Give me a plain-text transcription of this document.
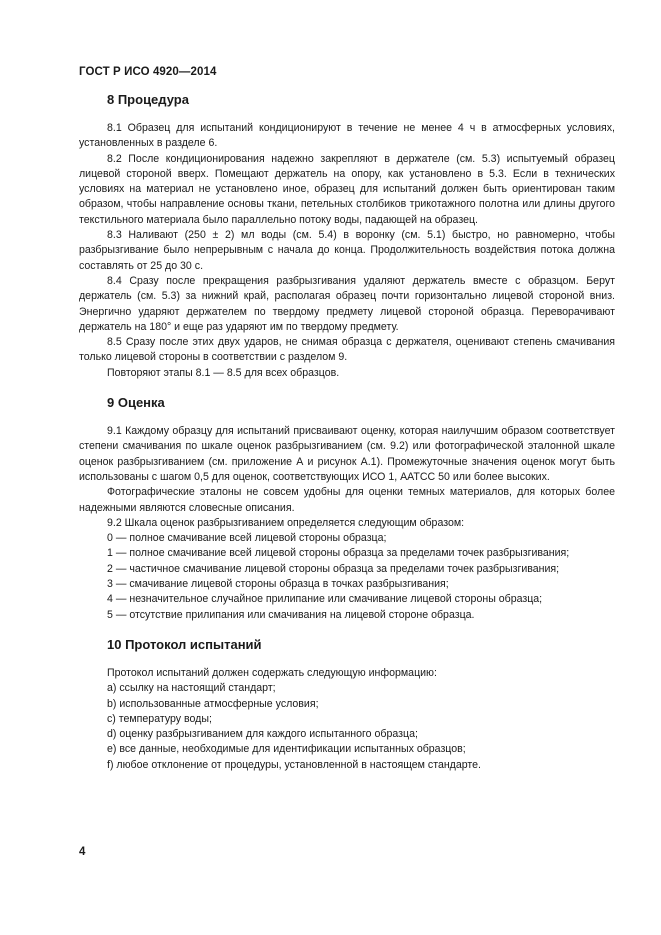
ГОСТ Р ИСО 4920—2014
8 Процедура

8.1 Образец для испытаний кондиционируют в течение не менее 4 ч в атмосферных условиях, установленных в разделе 6.

8.2 После кондиционирования надежно закрепляют в держателе (см. 5.3) испытуемый образец лицевой стороной вверх. Помещают держатель на опору, как установлено в 5.3. Если в технических условиях на материал не установлено иное, образец для испытаний должен быть ориентирован таким образом, чтобы направление основы ткани, петельных столбиков трикотажного полотна или длины другого текстильного материала было параллельно потоку воды, падающей на образец.

8.3 Наливают (250 ± 2) мл воды (см. 5.4) в воронку (см. 5.1) быстро, но равномерно, чтобы разбрызгивание было непрерывным с начала до конца. Продолжительность воздействия потока должна составлять от 25 до 30 с.

8.4 Сразу после прекращения разбрызгивания удаляют держатель вместе с образцом. Берут держатель (см. 5.3) за нижний край, располагая образец почти горизонтально лицевой стороной вниз. Энергично ударяют держателем по твердому предмету лицевой стороной образца. Переворачивают держатель на 180° и еще раз ударяют им по твердому предмету.

8.5 Сразу после этих двух ударов, не снимая образца с держателя, оценивают степень смачивания только лицевой стороны в соответствии с разделом 9.

Повторяют этапы 8.1 — 8.5 для всех образцов.

9 Оценка

9.1 Каждому образцу для испытаний присваивают оценку, которая наилучшим образом соответствует степени смачивания по шкале оценок разбрызгиванием (см. 9.2) или фотографической эталонной шкале оценок разбрызгиванием (см. приложение А и рисунок А.1). Промежуточные значения оценок могут быть использованы с шагом 0,5 для оценок, соответствующих ИСО 1, AATCC 50 или более высоких.

Фотографические эталоны не совсем удобны для оценки темных материалов, для которых более надежными являются словесные описания.

9.2 Шкала оценок разбрызгиванием определяется следующим образом:

0 — полное смачивание всей лицевой стороны образца;

1 — полное смачивание всей лицевой стороны образца за пределами точек разбрызгивания;

2 — частичное смачивание лицевой стороны образца за пределами точек разбрызгивания;

3 — смачивание лицевой стороны образца в точках разбрызгивания;

4 — незначительное случайное прилипание или смачивание лицевой стороны образца;

5 — отсутствие прилипания или смачивания на лицевой стороне образца.

10 Протокол испытаний

Протокол испытаний должен содержать следующую информацию:

a) ссылку на настоящий стандарт;

b) использованные атмосферные условия;

c) температуру воды;

d) оценку разбрызгиванием для каждого испытанного образца;

e) все данные, необходимые для идентификации испытанных образцов;

f) любое отклонение от процедуры, установленной в настоящем стандарте.

4
